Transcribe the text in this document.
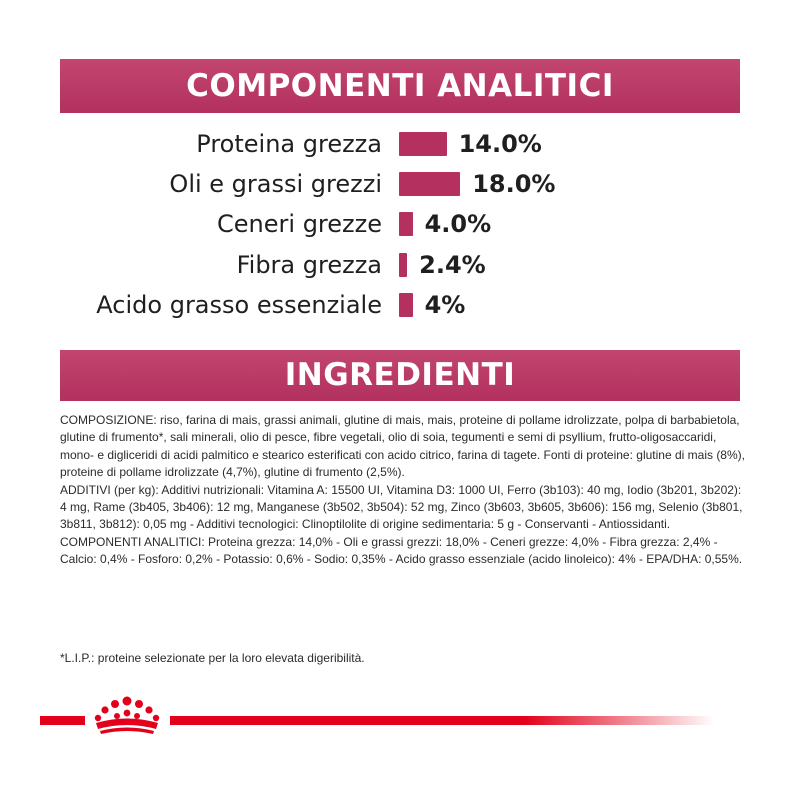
COMPONENTI ANALITICI
Proteina grezza	14.0%
Oli e grassi grezzi	18.0%
Ceneri grezze 4.0%
Fibra grezza 2.4%
Acido grasso essenziale 4%
INGREDIENTI

COMPOSIZIONE: riso, farina di mais, grassi animali, glutine di mais, mais, proteine di pollame idrolizzate, polpa di barbabietola, glutine di frumento*, sali minerali, olio di pesce, fibre vegetali, olio di soia, tegumenti e semi di psyllium, frutto-oligosaccaridi, mono- e digliceridi di acidi palmitico e stearico esterificati con acido citrico, farina di tagete. Fonti di proteine: glutine di mais (8%), proteine di pollame idrolizzate (4,7%), glutine di frumento (2,5%).

ADDITIVI (per kg): Additivi nutrizionali: Vitamina A: 15500 UI, Vitamina D3: 1000 UI, Ferro (3b103): 40 mg, Iodio (3b201, 3b202): 4 mg, Rame (3b405, 3b406): 12 mg, Manganese (3b502, 3b504): 52 mg, Zinco (3b603, 3b605, 3b606): 156 mg, Selenio (3b801, 3b811, 3b812): 0,05 mg - Additivi tecnologici: Clinoptilolite di origine sedimentaria: 5 g - Conservanti - Antiossidanti.

COMPONENTI ANALITICI: Proteina grezza: 14,0% - Oli e grassi grezzi: 18,0% - Ceneri grezze: 4,0% - Fibra grezza: 2,4% - Calcio: 0,4% - Fosforo: 0,2% - Potassio: 0,6% - Sodio: 0,35% - Acido grasso essenziale (acido linoleico): 4% - EPA/DHA: 0,55%.

*L.I.P.: proteine selezionate per la loro elevata digeribilità.
